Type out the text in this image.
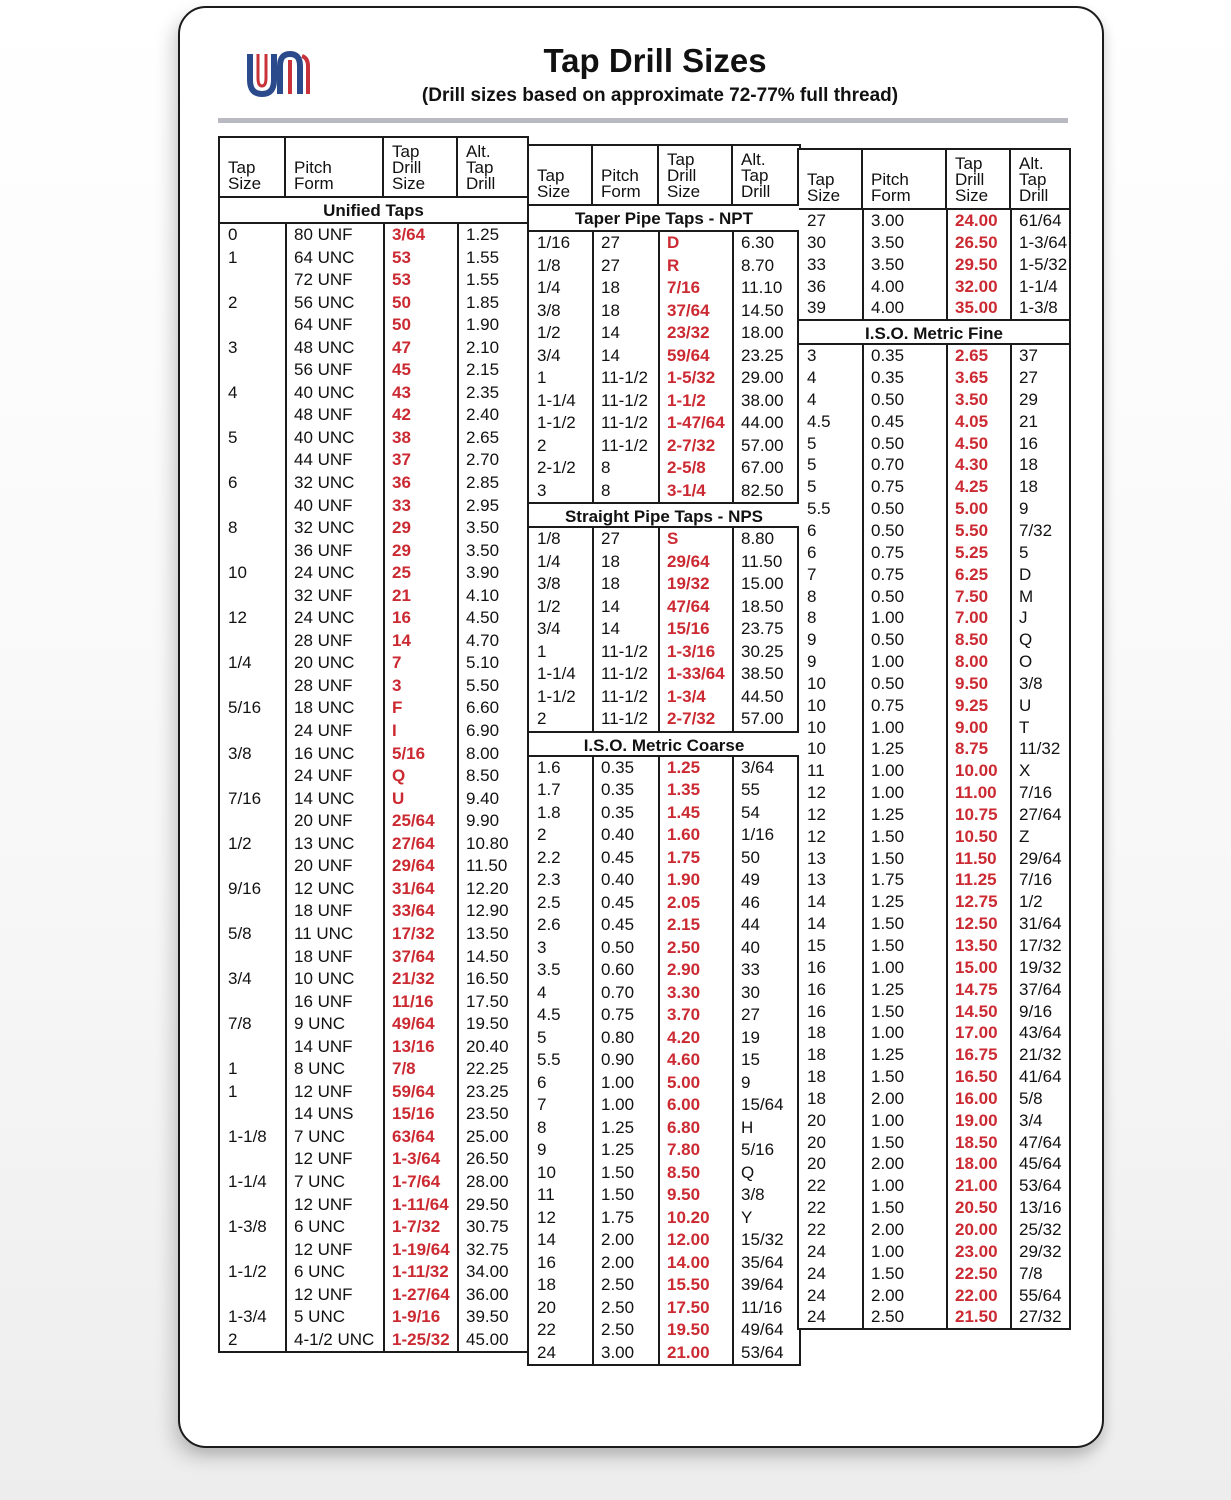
Tap Drill Sizes
(Drill sizes based on approximate 72-77% full thread)
Tap Size
Pitch Form
Tap Drill Size
Alt. Tap Drill
Unified Taps
0	80 UNF	3/64	1.25
1	64 UNC	53	1.55
72 UNF	53	1.55
2	56 UNC	50	1.85
64 UNF	50	1.90
3	48 UNC	47	2.10
56 UNF	45	2.15
4	40 UNC	43	2.35
48 UNF	42	2.40
5	40 UNC	38	2.65
44 UNF	37	2.70
6	32 UNC	36	2.85
40 UNF	33	2.95
8	32 UNC	29	3.50
36 UNF	29	3.50
10	24 UNC	25	3.90
32 UNF	21	4.10
12	24 UNC	16	4.50
28 UNF	14	4.70
1/4	20 UNC	7	5.10
28 UNF	3	5.50
5/16	18 UNC	F	6.60
24 UNF	I	6.90
3/8	16 UNC	5/16	8.00
24 UNF	Q	8.50
7/16	14 UNC	U	9.40
20 UNF	25/64	9.90
1/2	13 UNC	27/64	10.80
20 UNF	29/64	11.50
9/16	12 UNC	31/64	12.20
18 UNF	33/64	12.90
5/8	11 UNC	17/32	13.50
18 UNF	37/64	14.50
3/4	10 UNC	21/32	16.50
16 UNF	11/16	17.50
7/8	9 UNC	49/64	19.50
14 UNF	13/16	20.40
1	8 UNC	7/8	22.25
1	12 UNF	59/64	23.25
14 UNS	15/16	23.50
1-1/8	7 UNC	63/64	25.00
12 UNF	1-3/64	26.50
1-1/4	7 UNC	1-7/64	28.00
12 UNF	1-11/64	29.50
1-3/8	6 UNC	1-7/32	30.75
12 UNF	1-19/64 32.75
1-1/2	6 UNC	1-11/32	34.00
12 UNF	1-27/64 36.00
1-3/4	5 UNC	1-9/16	39.50
2	4-1/2 UNC	1-25/32 45.00
Tap Size
Pitch Form
Tap Drill Size
Alt. Tap Drill
Taper Pipe Taps - NPT
1/16	27	D	6.30
1/8	27	R	8.70
1/4	18	7/16	11.10
3/8	18	37/64	14.50
1/2	14	23/32	18.00
3/4	14	59/64	23.25
1	11-1/2	1-5/32	29.00
1-1/4	11-1/2	1-1/2	38.00
1-1/2	11-1/2	1-47/64 44.00
2	11-1/2	2-7/32	57.00
2-1/2	8	2-5/8	67.00
3	8	3-1/4	82.50
Straight Pipe Taps - NPS
1/8	27	S	8.80
1/4	18	29/64	11.50
3/8	18	19/32	15.00
1/2	14	47/64	18.50
3/4	14	15/16	23.75
1	11-1/2	1-3/16	30.25
1-1/4	11-1/2	1-33/64 38.50
1-1/2	11-1/2	1-3/4	44.50
2	11-1/2	2-7/32	57.00
I.S.O. Metric Coarse
1.6	0.35	1.25	3/64
1.7	0.35	1.35	55
1.8	0.35	1.45	54
2	0.40	1.60	1/16
2.2	0.45	1.75	50
2.3	0.40	1.90	49
2.5	0.45	2.05	46
2.6	0.45	2.15	44
3	0.50	2.50	40
3.5	0.60	2.90	33
4	0.70	3.30	30
4.5	0.75	3.70	27
5	0.80	4.20	19
5.5	0.90	4.60	15
6	1.00	5.00	9
7	1.00	6.00	15/64
8	1.25	6.80	H
9	1.25	7.80	5/16
10	1.50	8.50	Q
11	1.50	9.50	3/8
12	1.75	10.20	Y
14	2.00	12.00	15/32
16	2.00	14.00	35/64
18	2.50	15.50	39/64
20	2.50	17.50	11/16
22	2.50	19.50	49/64
24	3.00	21.00	53/64
Tap Size
Pitch Form
Tap Drill Size
Alt. Tap Drill
27	3.00	24.00	61/64
30	3.50	26.50	1-3/64
33	3.50	29.50	1-5/32
36	4.00	32.00	1-1/4
39	4.00	35.00	1-3/8
I.S.O. Metric Fine
3	0.35	2.65	37
4	0.35	3.65	27
4	0.50	3.50	29
4.5	0.45	4.05	21
5	0.50	4.50	16
5	0.70	4.30	18
5	0.75	4.25	18
5.5	0.50	5.00	9
6	0.50	5.50	7/32
6	0.75	5.25	5
7	0.75	6.25	D
8	0.50	7.50	M
8	1.00	7.00	J
9	0.50	8.50	Q
9	1.00	8.00	O
10	0.50	9.50	3/8
10	0.75	9.25	U
10	1.00	9.00	T
10	1.25	8.75	11/32
11	1.00	10.00	X
12	1.00	11.00	7/16
12	1.25	10.75	27/64
12	1.50	10.50	Z
13	1.50	11.50	29/64
13	1.75	11.25	7/16
14	1.25	12.75	1/2
14	1.50	12.50	31/64
15	1.50	13.50	17/32
16	1.00	15.00	19/32
16	1.25	14.75	37/64
16	1.50	14.50	9/16
18	1.00	17.00	43/64
18	1.25	16.75	21/32
18	1.50	16.50	41/64
18	2.00	16.00	5/8
20	1.00	19.00	3/4
20	1.50	18.50	47/64
20	2.00	18.00	45/64
22	1.00	21.00	53/64
22	1.50	20.50	13/16
22	2.00	20.00	25/32
24	1.00	23.00	29/32
24	1.50	22.50	7/8
24	2.00	22.00	55/64
24	2.50	21.50	27/32
